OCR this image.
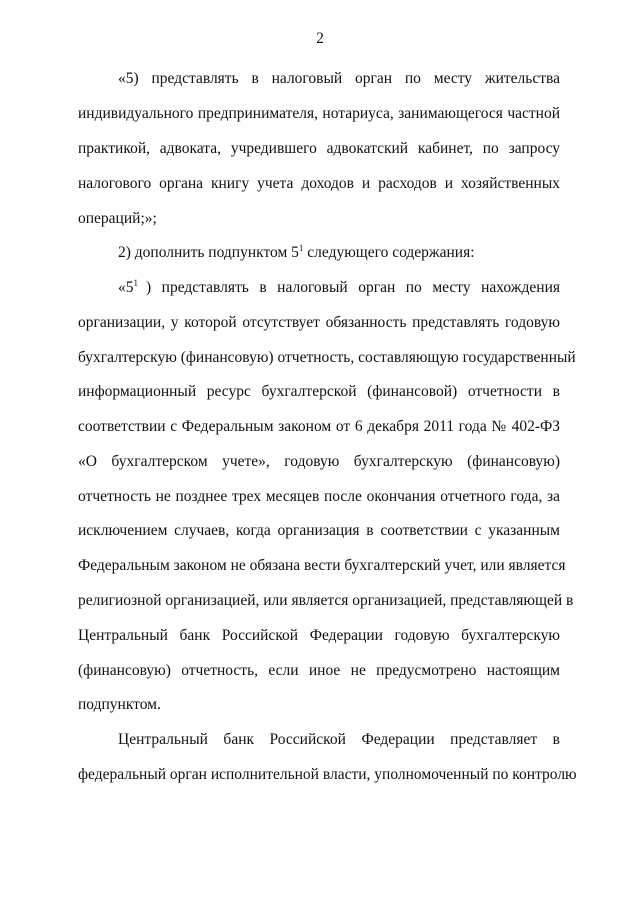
2
«5) представлять в налоговый орган по месту жительства
индивидуального предпринимателя, нотариуса, занимающегося частной
практикой, адвоката, учредившего адвокатский кабинет, по запросу
налогового органа книгу учета доходов и расходов и хозяйственных
операций;»;
2) дополнить подпунктом $5^1$ следующего содержания:
«$5^1$ ) представлять в налоговый орган по месту нахождения
организации, у которой отсутствует обязанность представлять годовую
бухгалтерскую (финансовую) отчетность, составляющую государственный
информационный ресурс бухгалтерской (финансовой) отчетности в
соответствии с Федеральным законом от 6 декабря 2011 года № 402-ФЗ
«О бухгалтерском учете», годовую бухгалтерскую (финансовую)
отчетность не позднее трех месяцев после окончания отчетного года, за
исключением случаев, когда организация в соответствии с указанным
Федеральным законом не обязана вести бухгалтерский учет, или является
религиозной организацией, или является организацией, представляющей в
Центральный банк Российской Федерации годовую бухгалтерскую
(финансовую) отчетность, если иное не предусмотрено настоящим
подпунктом.
Центральный банк Российской Федерации представляет в
федеральный орган исполнительной власти, уполномоченный по контролю
